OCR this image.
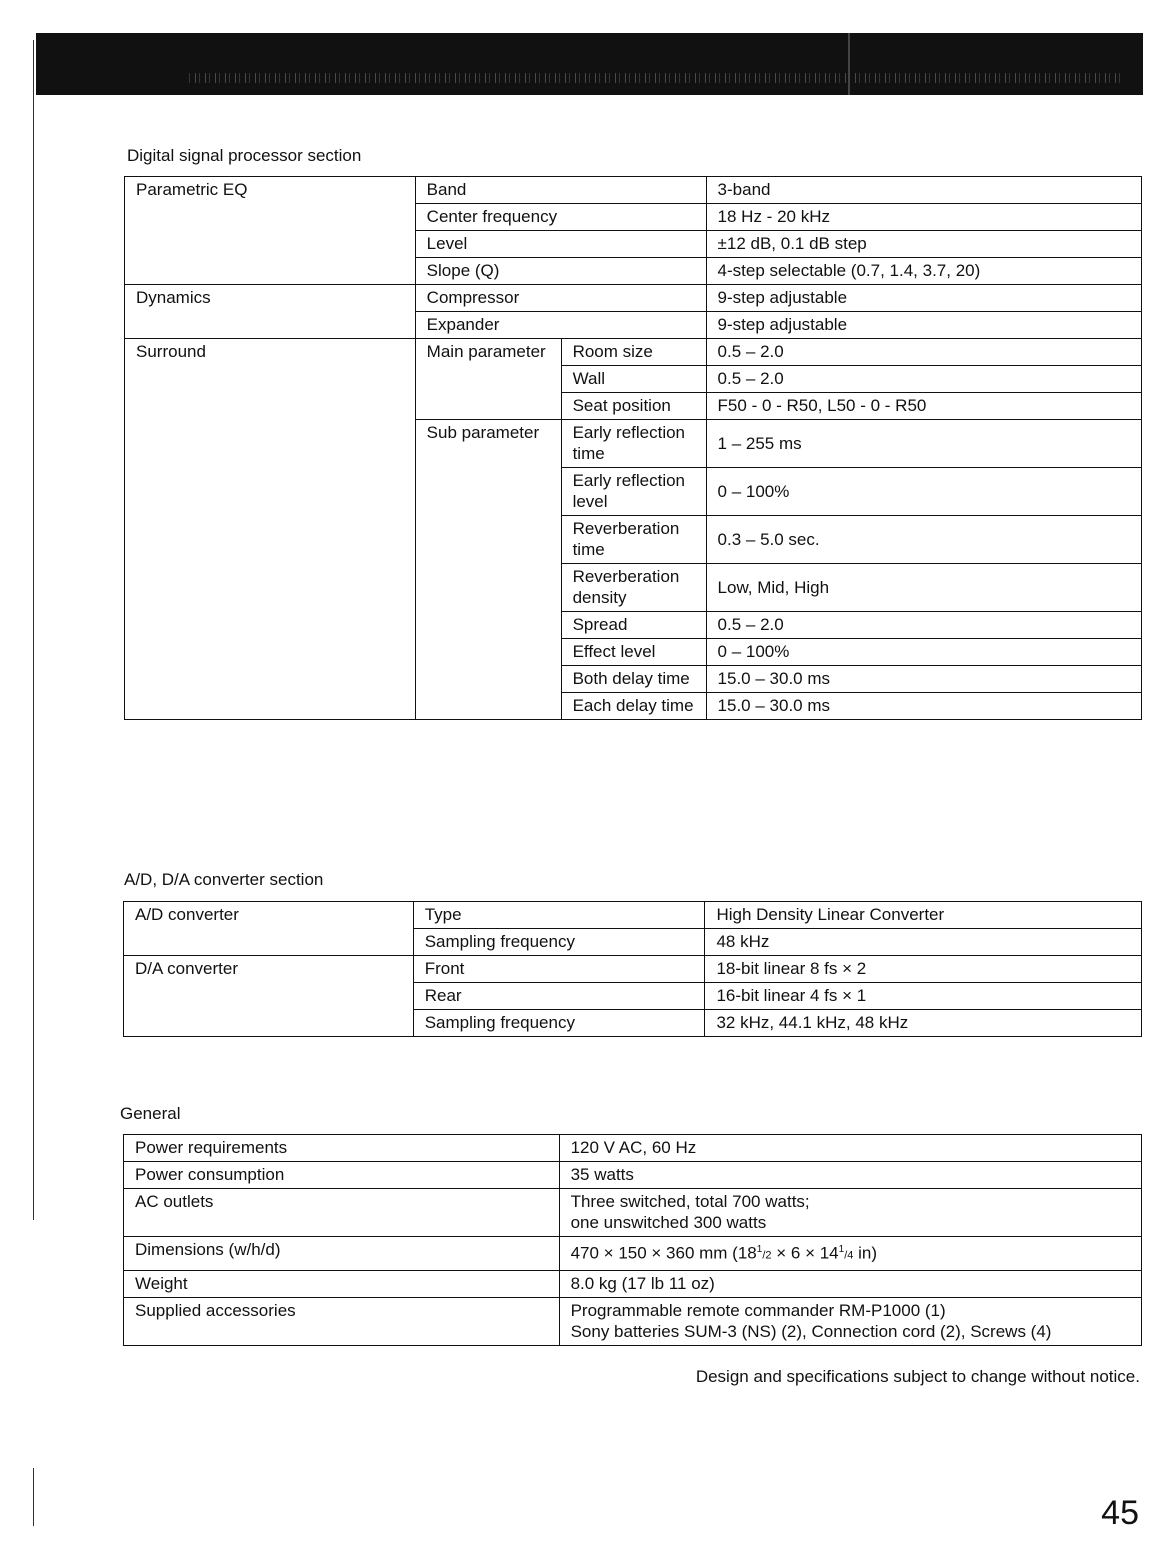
Digital signal processor section
Parametric EQ	Band		3-band
	Center frequency		18 Hz - 20 kHz
	Level		±12 dB, 0.1 dB step
	Slope (Q)		4-step selectable (0.7, 1.4, 3.7, 20)
Dynamics	Compressor		9-step adjustable
	Expander		9-step adjustable
Surround	Main parameter	Room size	0.5 – 2.0
		Wall	0.5 – 2.0
		Seat position	F50 - 0 - R50, L50 - 0 - R50
	Sub parameter	Early reflection time	1 – 255 ms
		Early reflection level	0 – 100%
		Reverberation time	0.3 – 5.0 sec.
		Reverberation density	Low, Mid, High
		Spread	0.5 – 2.0
		Effect level	0 – 100%
		Both delay time	15.0 – 30.0 ms
		Each delay time	15.0 – 30.0 ms
A/D, D/A converter section
A/D converter	Type	High Density Linear Converter
	Sampling frequency	48 kHz
D/A converter	Front	18-bit linear 8 fs × 2
	Rear	16-bit linear 4 fs × 1
	Sampling frequency	32 kHz, 44.1 kHz, 48 kHz
General
Power requirements	120 V AC, 60 Hz
Power consumption	35 watts
AC outlets	Three switched, total 700 watts;
one unswitched 300 watts

Dimensions (w/h/d)	470 × 150 × 360 mm ($18^1/2 \times 6 \times 14^1/4$ in)
Weight	8.0 kg (17 lb 11 oz)
Supplied accessories	Programmable remote commander RM-P1000 (1)
Sony batteries SUM-3 (NS) (2), Connection cord (2), Screws (4)
Design and specifications subject to change without notice.
45
